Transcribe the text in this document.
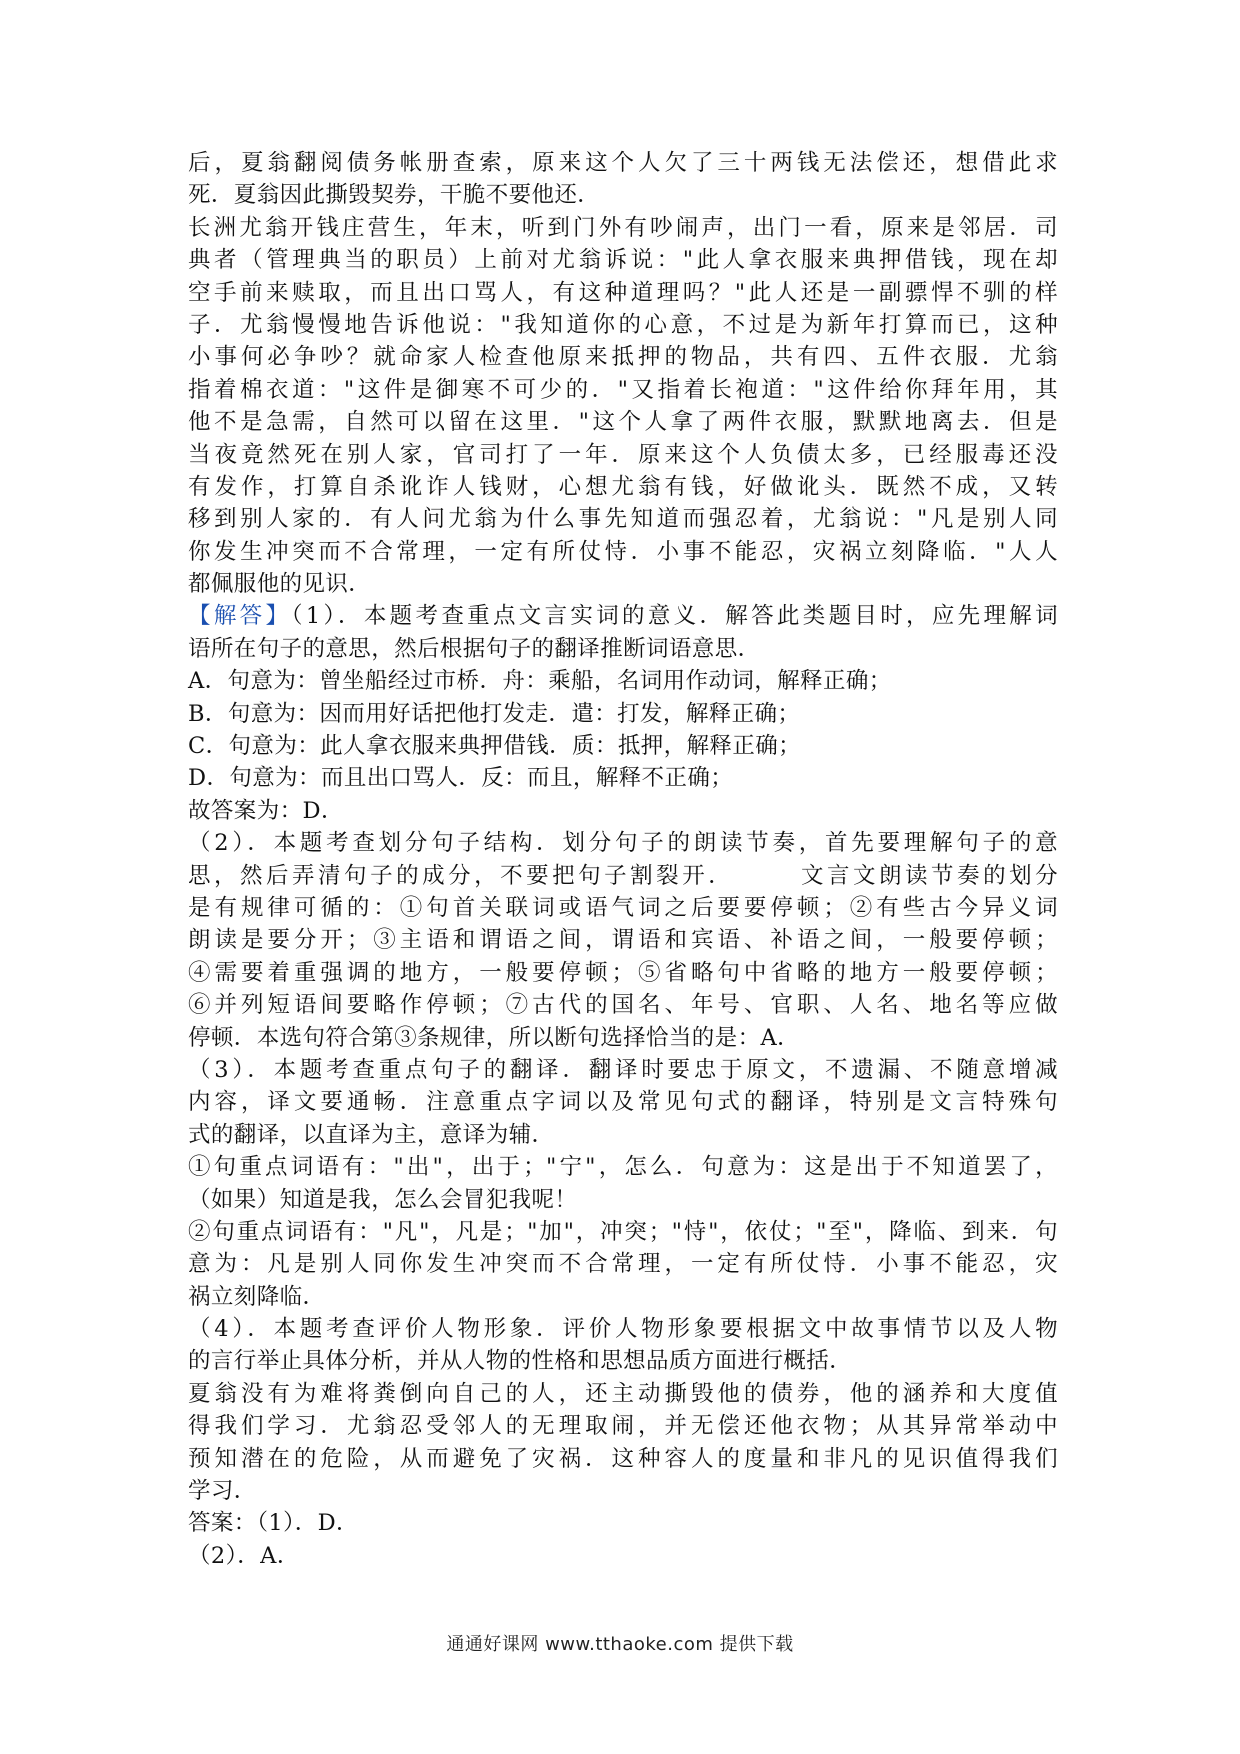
后，夏翁翻阅债务帐册查索，原来这个人欠了三十两钱无法偿还，想借此求
死．夏翁因此撕毁契券，干脆不要他还．
长洲尤翁开钱庄营生，年末，听到门外有吵闹声，出门一看，原来是邻居．司
典者（管理典当的职员）上前对尤翁诉说："此人拿衣服来典押借钱，现在却
空手前来赎取，而且出口骂人，有这种道理吗？"此人还是一副骠悍不驯的样
子．尤翁慢慢地告诉他说："我知道你的心意，不过是为新年打算而已，这种
小事何必争吵？就命家人检查他原来抵押的物品，共有四、五件衣服．尤翁
指着棉衣道："这件是御寒不可少的．"又指着长袍道："这件给你拜年用，其
他不是急需，自然可以留在这里．"这个人拿了两件衣服，默默地离去．但是
当夜竟然死在别人家，官司打了一年．原来这个人负债太多，已经服毒还没
有发作，打算自杀讹诈人钱财，心想尤翁有钱，好做讹头．既然不成，又转
移到别人家的．有人问尤翁为什么事先知道而强忍着，尤翁说："凡是别人同
你发生冲突而不合常理，一定有所仗恃．小事不能忍，灾祸立刻降临．"人人
都佩服他的见识．
【解答】（1）．本题考查重点文言实词的意义．解答此类题目时，应先理解词
语所在句子的意思，然后根据句子的翻译推断词语意思．
A．句意为：曾坐船经过市桥．舟：乘船，名词用作动词，解释正确；
B．句意为：因而用好话把他打发走．遣：打发，解释正确；
C．句意为：此人拿衣服来典押借钱．质：抵押，解释正确；
D．句意为：而且出口骂人．反：而且，解释不正确；
故答案为：D．
（2）．本题考查划分句子结构．划分句子的朗读节奏，首先要理解句子的意
思，然后弄清句子的成分，不要把句子割裂开．　　　文言文朗读节奏的划分
是有规律可循的：①句首关联词或语气词之后要要停顿；②有些古今异义词
朗读是要分开；③主语和谓语之间，谓语和宾语、补语之间，一般要停顿；
④需要着重强调的地方，一般要停顿；⑤省略句中省略的地方一般要停顿；
⑥并列短语间要略作停顿；⑦古代的国名、年号、官职、人名、地名等应做
停顿．本选句符合第③条规律，所以断句选择恰当的是：A．
（3）．本题考查重点句子的翻译．翻译时要忠于原文，不遗漏、不随意增减
内容，译文要通畅．注意重点字词以及常见句式的翻译，特别是文言特殊句
式的翻译，以直译为主，意译为辅．
①句重点词语有："出"，出于；"宁"，怎么．句意为：这是出于不知道罢了，
（如果）知道是我，怎么会冒犯我呢！
②句重点词语有："凡"，凡是；"加"，冲突；"恃"，依仗；"至"，降临、到来．句
意为：凡是别人同你发生冲突而不合常理，一定有所仗恃．小事不能忍，灾
祸立刻降临．
（4）．本题考查评价人物形象．评价人物形象要根据文中故事情节以及人物
的言行举止具体分析，并从人物的性格和思想品质方面进行概括．
夏翁没有为难将粪倒向自己的人，还主动撕毁他的债券，他的涵养和大度值
得我们学习．尤翁忍受邻人的无理取闹，并无偿还他衣物；从其异常举动中
预知潜在的危险，从而避免了灾祸．这种容人的度量和非凡的见识值得我们
学习．
答案：（1）．D．
（2）．A．
通通好课网 www.tthaoke.com 提供下载
